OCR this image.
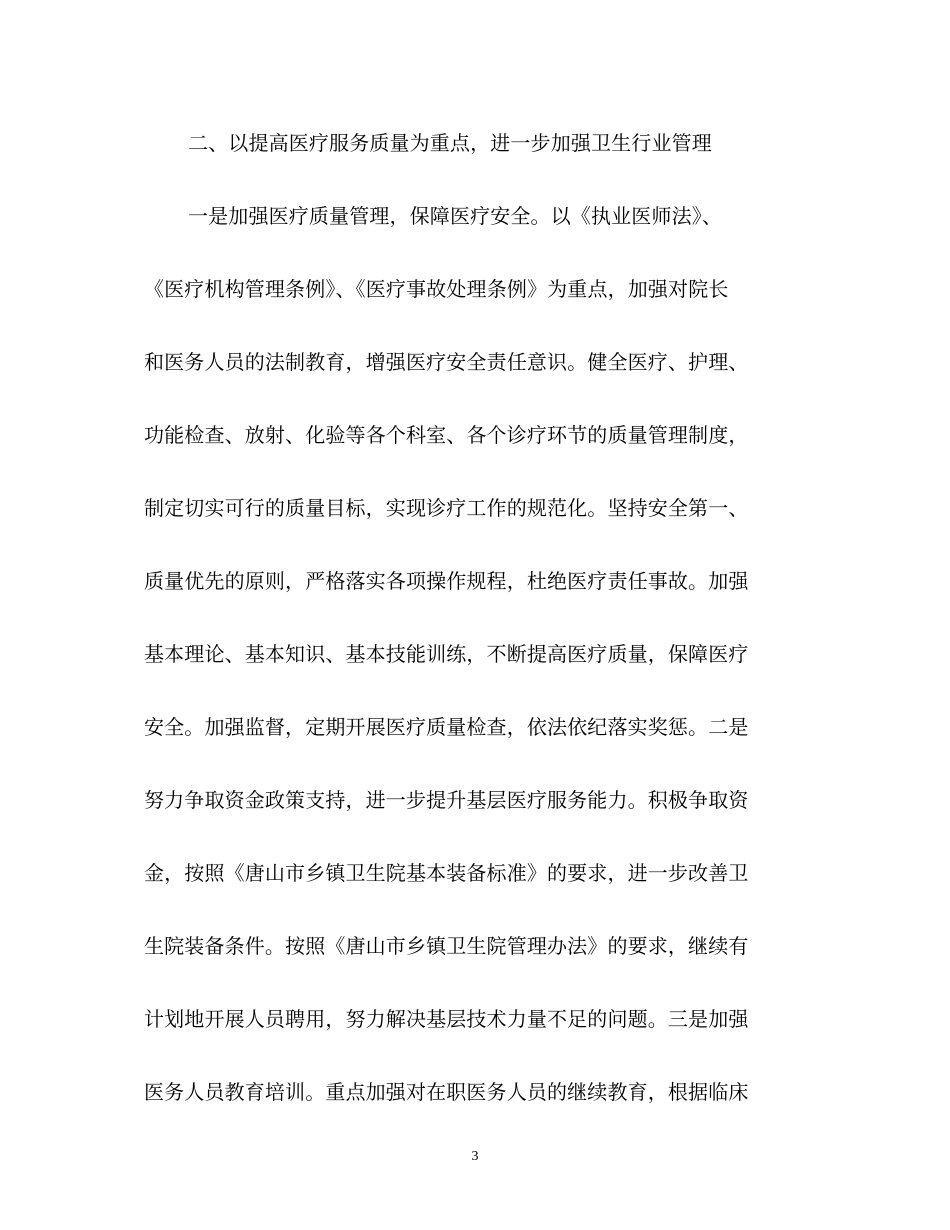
二、以提高医疗服务质量为重点，进一步加强卫生行业管理
一是加强医疗质量管理，保障医疗安全。以《执业医师法》、
《医疗机构管理条例》、《医疗事故处理条例》为重点，加强对院长
和医务人员的法制教育，增强医疗安全责任意识。健全医疗、护理、
功能检查、放射、化验等各个科室、各个诊疗环节的质量管理制度，
制定切实可行的质量目标，实现诊疗工作的规范化。坚持安全第一、
质量优先的原则，严格落实各项操作规程，杜绝医疗责任事故。加强
基本理论、基本知识、基本技能训练，不断提高医疗质量，保障医疗
安全。加强监督，定期开展医疗质量检查，依法依纪落实奖惩。二是
努力争取资金政策支持，进一步提升基层医疗服务能力。积极争取资
金，按照《唐山市乡镇卫生院基本装备标准》的要求，进一步改善卫
生院装备条件。按照《唐山市乡镇卫生院管理办法》的要求，继续有
计划地开展人员聘用，努力解决基层技术力量不足的问题。三是加强
医务人员教育培训。重点加强对在职医务人员的继续教育，根据临床
3
